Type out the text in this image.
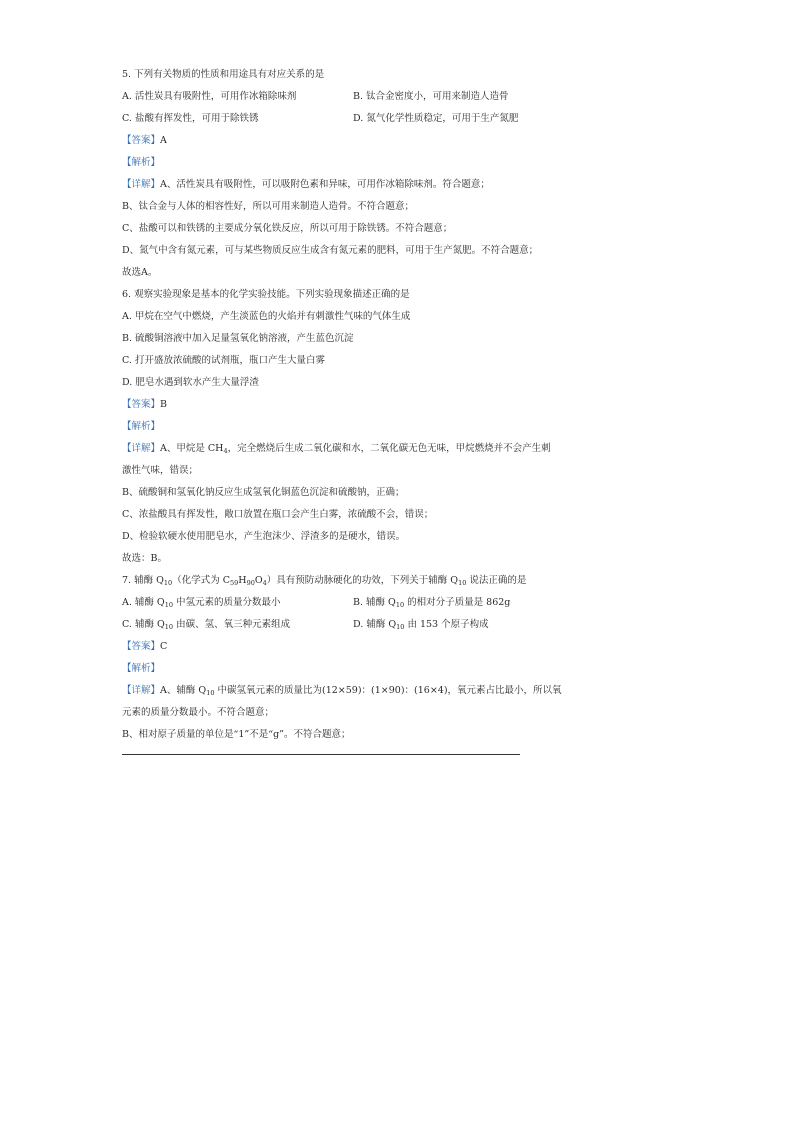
5. 下列有关物质的性质和用途具有对应关系的是
A. 活性炭具有吸附性，可用作冰箱除味剂	B. 钛合金密度小，可用来制造人造骨
C. 盐酸有挥发性，可用于除铁锈	D. 氮气化学性质稳定，可用于生产氮肥
【答案】A
【解析】
【详解】A、活性炭具有吸附性，可以吸附色素和异味，可用作冰箱除味剂。符合题意；
B、钛合金与人体的相容性好，所以可用来制造人造骨。不符合题意；
C、盐酸可以和铁锈的主要成分氧化铁反应，所以可用于除铁锈。不符合题意；
D、氮气中含有氮元素，可与某些物质反应生成含有氮元素的肥料，可用于生产氮肥。不符合题意；
故选A。
6. 观察实验现象是基本的化学实验技能。下列实验现象描述正确的是
A. 甲烷在空气中燃烧，产生淡蓝色的火焰并有刺激性气味的气体生成
B. 硫酸铜溶液中加入足量氢氧化钠溶液，产生蓝色沉淀
C. 打开盛放浓硫酸的试剂瓶，瓶口产生大量白雾
D. 肥皂水遇到软水产生大量浮渣
【答案】B
【解析】
【详解】A、甲烷是 $CH_4$，完全燃烧后生成二氧化碳和水，二氧化碳无色无味，甲烷燃烧并不会产生刺
激性气味，错误；
B、硫酸铜和氢氧化钠反应生成氢氧化铜蓝色沉淀和硫酸钠，正确；
C、浓盐酸具有挥发性，敞口放置在瓶口会产生白雾，浓硫酸不会，错误；
D、检验软硬水使用肥皂水，产生泡沫少、浮渣多的是硬水，错误。
故选：B。
7. 辅酶 $Q_{10}$（化学式为 $C_{59}H_{90}O_4$）具有预防动脉硬化的功效，下列关于辅酶 $Q_{10}$ 说法正确的是
A. 辅酶 $Q_{10}$ 中氢元素的质量分数最小	B. 辅酶 $Q_{10}$ 的相对分子质量是 862g
C. 辅酶 $Q_{10}$ 由碳、氢、氧三种元素组成	D. 辅酶 $Q_{10}$ 由 153 个原子构成
【答案】C
【解析】
【详解】A、辅酶 $Q_{10}$ 中碳氢氧元素的质量比为(12×59)：(1×90)：(16×4)，氧元素占比最小，所以氧
元素的质量分数最小。不符合题意；
B、相对原子质量的单位是“1”不是“g”。不符合题意；
